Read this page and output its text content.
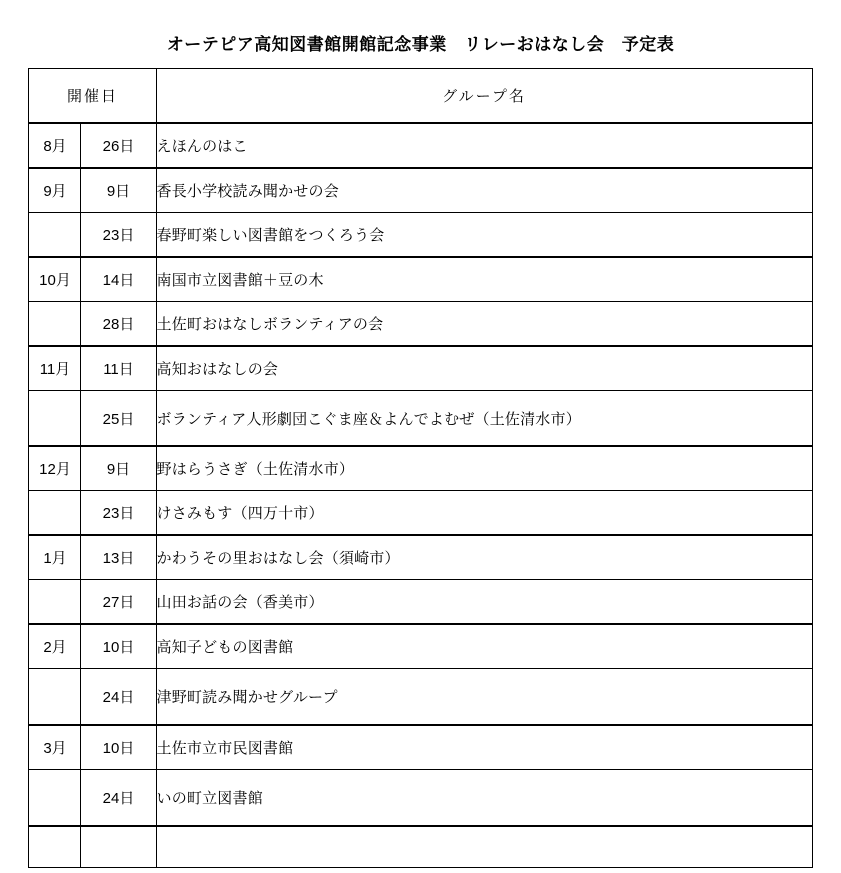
オーテピア高知図書館開館記念事業　リレーおはなし会　予定表
開催日		グループ名
8月	26日	えほんのはこ
9月	9日	香長小学校読み聞かせの会
	23日	春野町楽しい図書館をつくろう会
10月	14日	南国市立図書館＋豆の木
	28日	土佐町おはなしボランティアの会
11月	11日	高知おはなしの会
	25日	ボランティア人形劇団こぐま座＆よんでよむぜ（土佐清水市）
12月	9日	野はらうさぎ（土佐清水市）
	23日	けさみもす（四万十市）
1月	13日	かわうその里おはなし会（須崎市）
	27日	山田お話の会（香美市）
2月	10日	高知子どもの図書館
	24日	津野町読み聞かせグループ
3月	10日	土佐市立市民図書館
	24日	いの町立図書館
